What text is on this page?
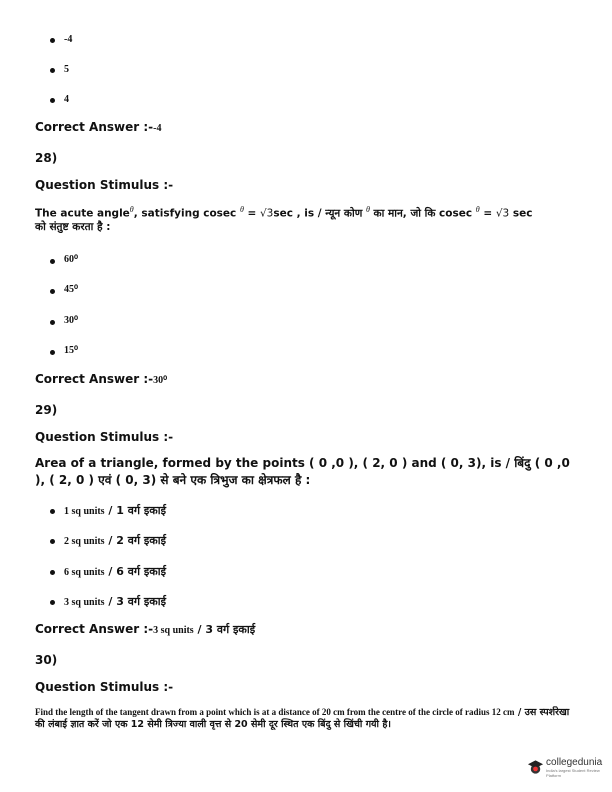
-4
5
4
Correct Answer :--4
28)
Question Stimulus :-
The acute angle$^\theta$, satisfying cosec $^\theta$ = √3sec , is / न्यून कोण $^\theta$ का मान, जो कि cosec $^\theta$ = √3 sec
को संतुष्ट करता है :
60⁰
45⁰
30⁰
15⁰
Correct Answer :-30⁰
29)
Question Stimulus :-
Area of a triangle, formed by the points ( 0 ,0 ), ( 2, 0 ) and ( 0, 3), is / बिंदु ( 0 ,0 ), ( 2, 0 ) एवं ( 0, 3) से बने एक त्रिभुज का क्षेत्रफल है :
1 sq units / 1 वर्ग इकाई
2 sq units / 2 वर्ग इकाई
6 sq units / 6 वर्ग इकाई
3 sq units / 3 वर्ग इकाई
Correct Answer :-3 sq units / 3 वर्ग इकाई
30)
Question Stimulus :-
Find the length of the tangent drawn from a point which is at a distance of 20 cm from the centre of the circle of radius 12 cm / उस स्पर्शरेखा की लंबाई ज्ञात करें जो एक 12 सेमी त्रिज्या वाली वृत्त से 20 सेमी दूर स्थित एक बिंदु से खिंची गयी है।
collegedunia
India's largest Student Review Platform
